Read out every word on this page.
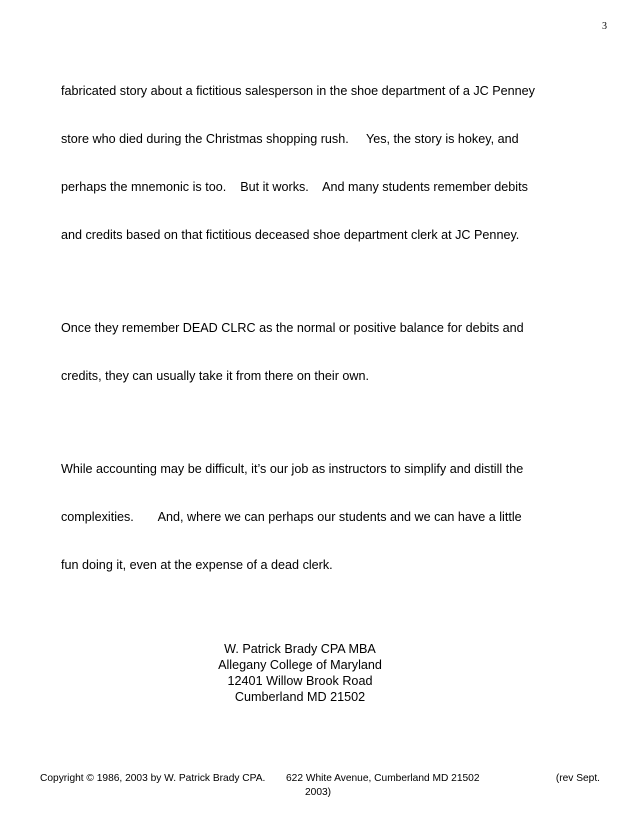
3

fabricated story about a fictitious salesperson in the shoe department of a JC Penney

store who died during the Christmas shopping rush.     Yes, the story is hokey, and

perhaps the mnemonic is too.    But it works.    And many students remember debits

and credits based on that fictitious deceased shoe department clerk at JC Penney.

Once they remember DEAD CLRC as the normal or positive balance for debits and

credits, they can usually take it from there on their own.

While accounting may be difficult, it’s our job as instructors to simplify and distill the

complexities.       And, where we can perhaps our students and we can have a little

fun doing it, even at the expense of a dead clerk.

W. Patrick Brady CPA MBA
Allegany College of Maryland
12401 Willow Brook Road
Cumberland MD 21502
Copyright © 1986, 2003 by W. Patrick Brady CPA. 622 White Avenue, Cumberland MD 21502	(rev Sept.
2003)
